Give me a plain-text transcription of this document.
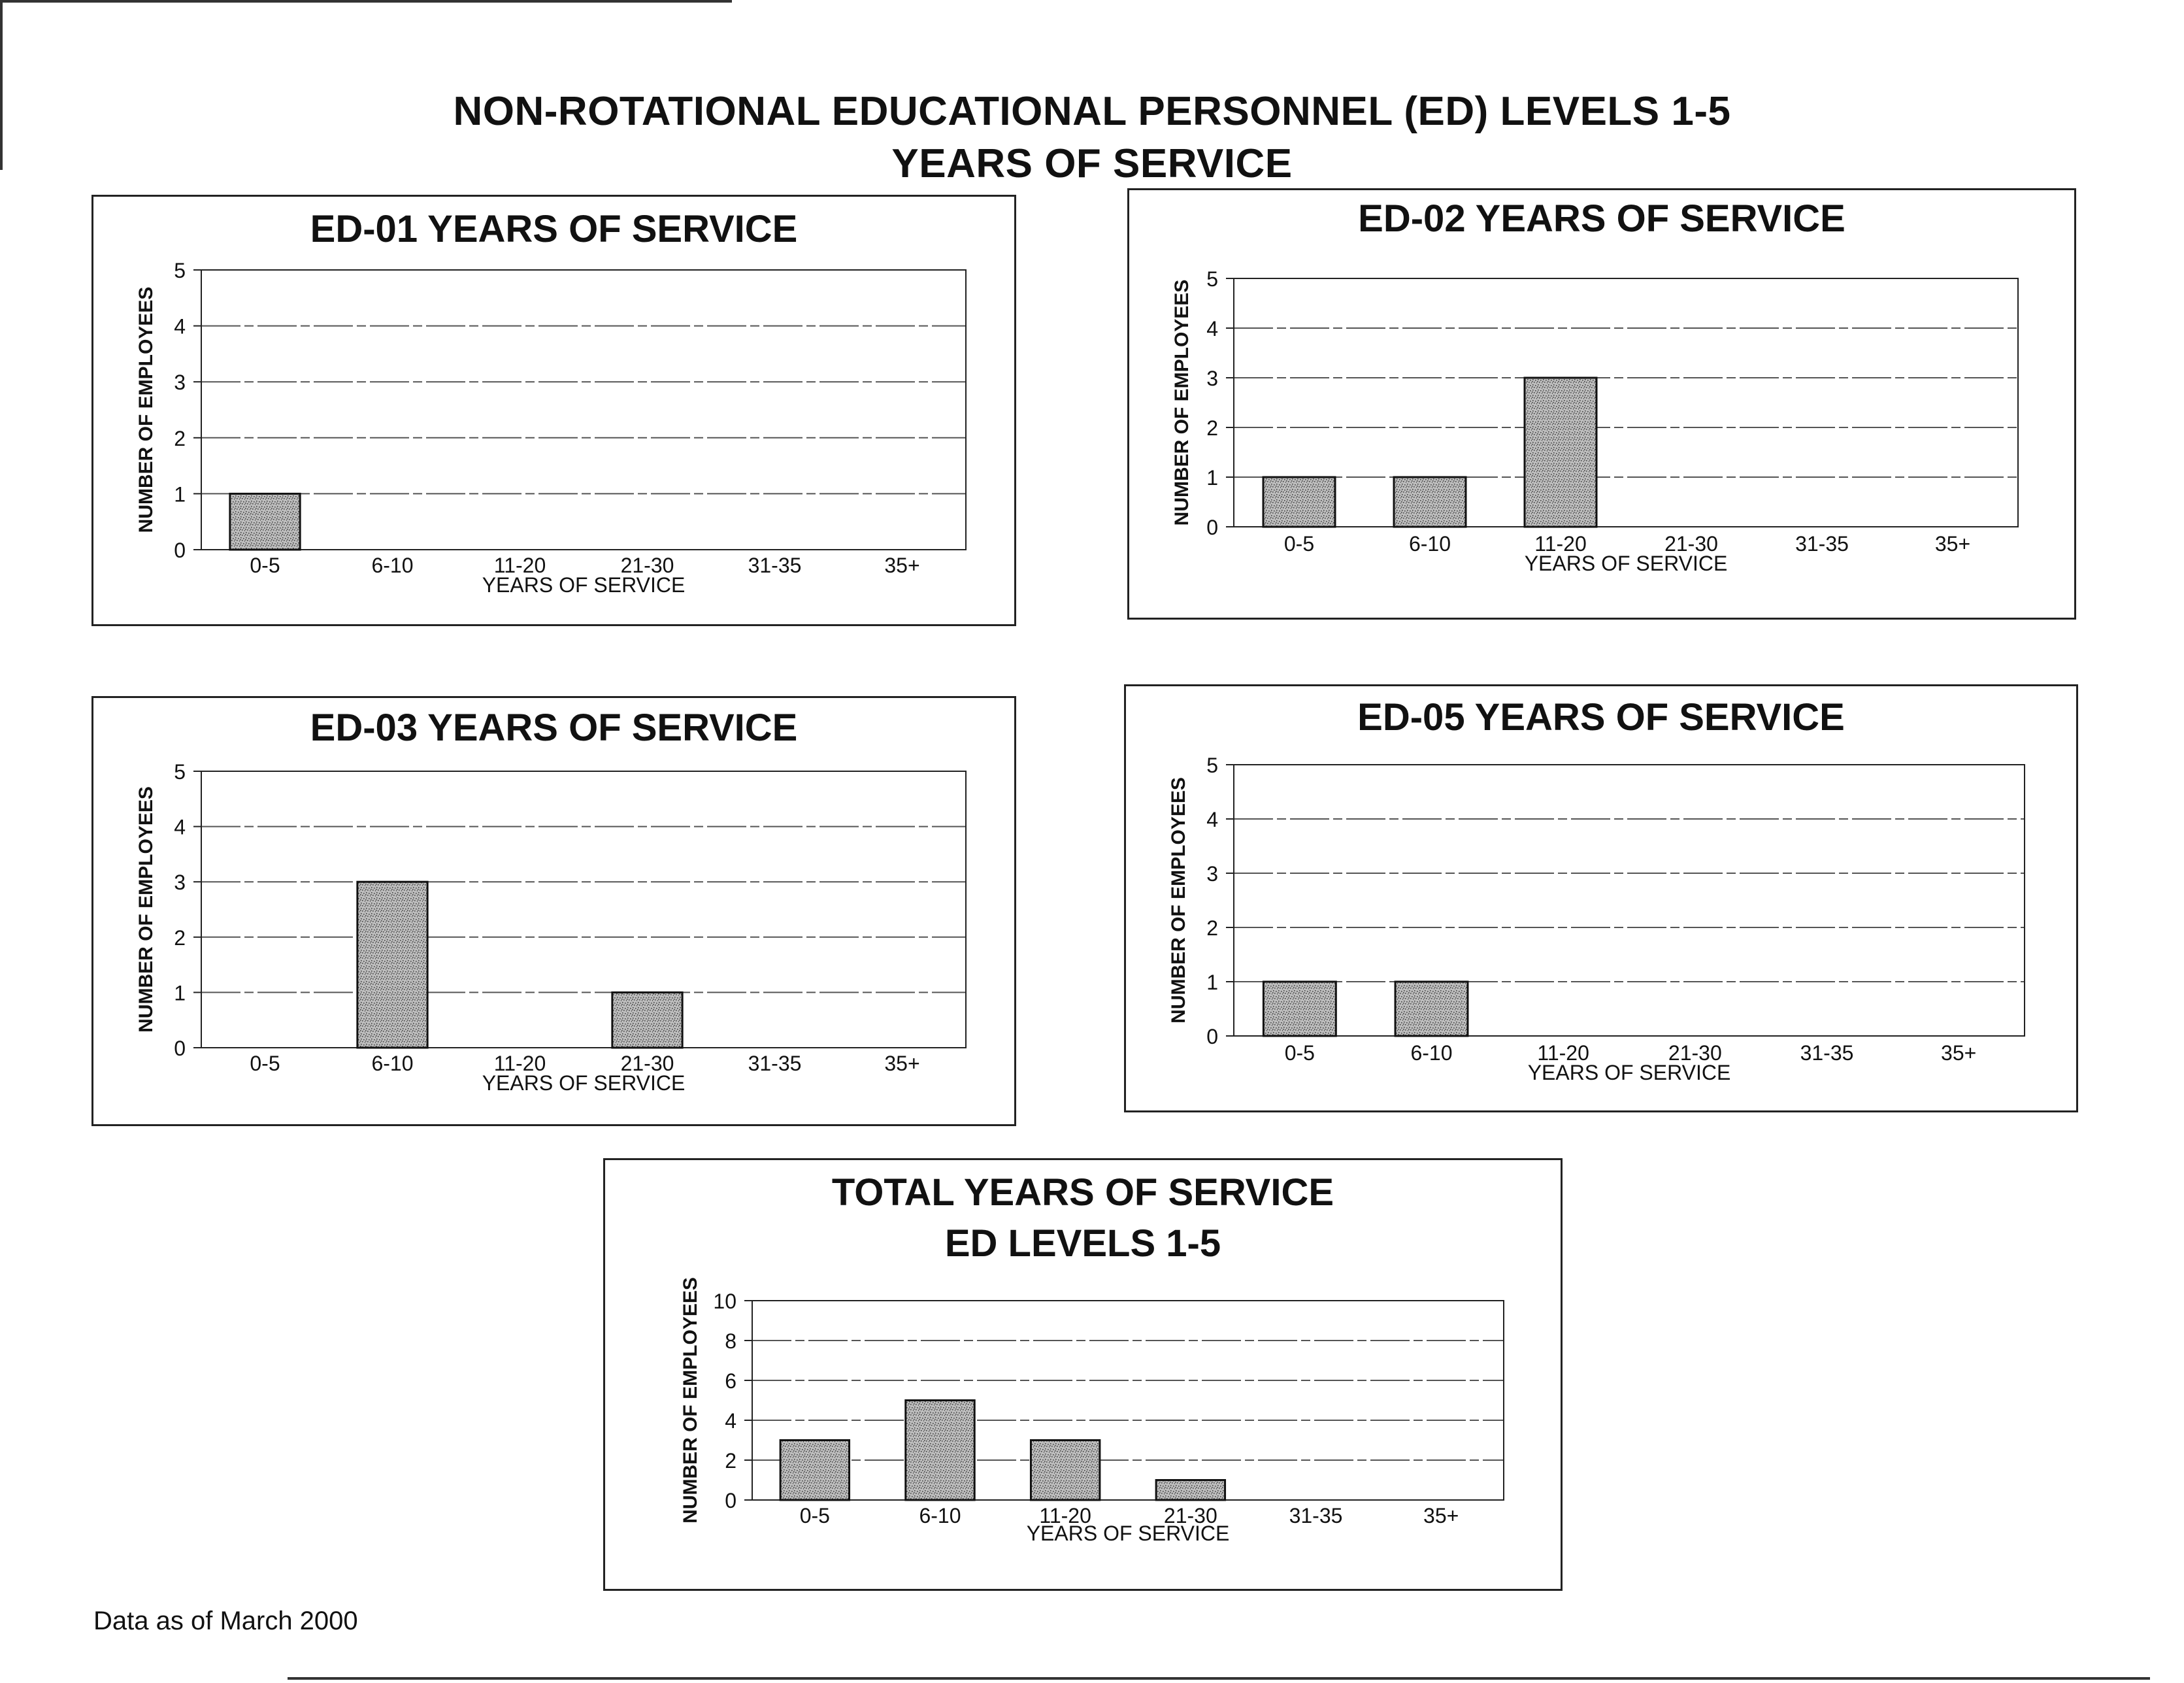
NON-ROTATIONAL EDUCATIONAL PERSONNEL (ED) LEVELS 1-5
YEARS OF SERVICE
ED-01 YEARS OF SERVICE
0
1
2
3
4
5
0-5	6-10	11-20	21-30	31-35	35+
YEARS OF SERVICE
NUMBER OF EMPLOYEES
ED-02 YEARS OF SERVICE
0
1
2
3
4
5
0-5	6-10	11-20	21-30	31-35	35+
YEARS OF SERVICE
NUMBER OF EMPLOYEES
ED-03 YEARS OF SERVICE
0
1
2
3
4
5
0-5	6-10	11-20	21-30	31-35	35+
YEARS OF SERVICE
NUMBER OF EMPLOYEES
ED-05 YEARS OF SERVICE
0
1
2
3
4
5
0-5	6-10	11-20	21-30	31-35	35+
YEARS OF SERVICE
NUMBER OF EMPLOYEES
TOTAL YEARS OF SERVICE
ED LEVELS 1-5
0
2
4
6
8
10
0-5	6-10	11-20	21-30	31-35	35+
YEARS OF SERVICE
NUMBER OF EMPLOYEES
Data as of March 2000
